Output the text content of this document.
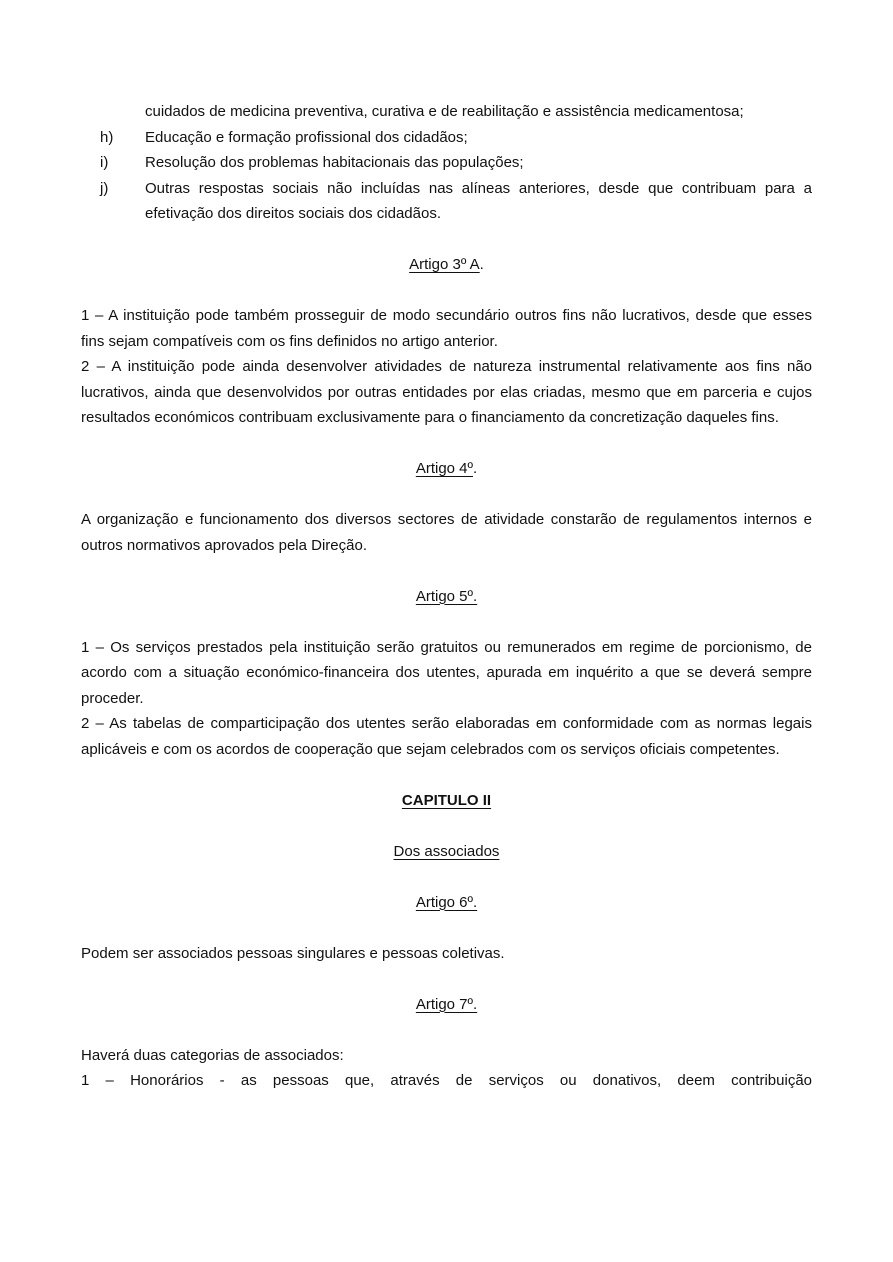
cuidados de medicina preventiva, curativa e de reabilitação e assistência medicamentosa;
h) Educação e formação profissional dos cidadãos;
i) Resolução dos problemas habitacionais das populações;
j) Outras respostas sociais não incluídas nas alíneas anteriores, desde que contribuam para a efetivação dos direitos sociais dos cidadãos.
Artigo 3º A.

1 – A instituição pode também prosseguir de modo secundário outros fins não lucrativos, desde que esses fins sejam compatíveis com os fins definidos no artigo anterior.

2 – A instituição pode ainda desenvolver atividades de natureza instrumental relativamente aos fins não lucrativos, ainda que desenvolvidos por outras entidades por elas criadas, mesmo que em parceria e cujos resultados económicos contribuam exclusivamente para o financiamento da concretização daqueles fins.

Artigo 4º.

A organização e funcionamento dos diversos sectores de atividade constarão de regulamentos internos e outros normativos aprovados pela Direção.

Artigo 5º.

1 – Os serviços prestados pela instituição serão gratuitos ou remunerados em regime de porcionismo, de acordo com a situação económico-financeira dos utentes, apurada em inquérito a que se deverá sempre proceder.

2 – As tabelas de comparticipação dos utentes serão elaboradas em conformidade com as normas legais aplicáveis e com os acordos de cooperação que sejam celebrados com os serviços oficiais competentes.

CAPITULO II
Dos associados
Artigo 6º.

Podem ser associados pessoas singulares e pessoas coletivas.

Artigo 7º.

Haverá duas categorias de associados:

1 – Honorários - as pessoas que, através de serviços ou donativos, deem contribuição
